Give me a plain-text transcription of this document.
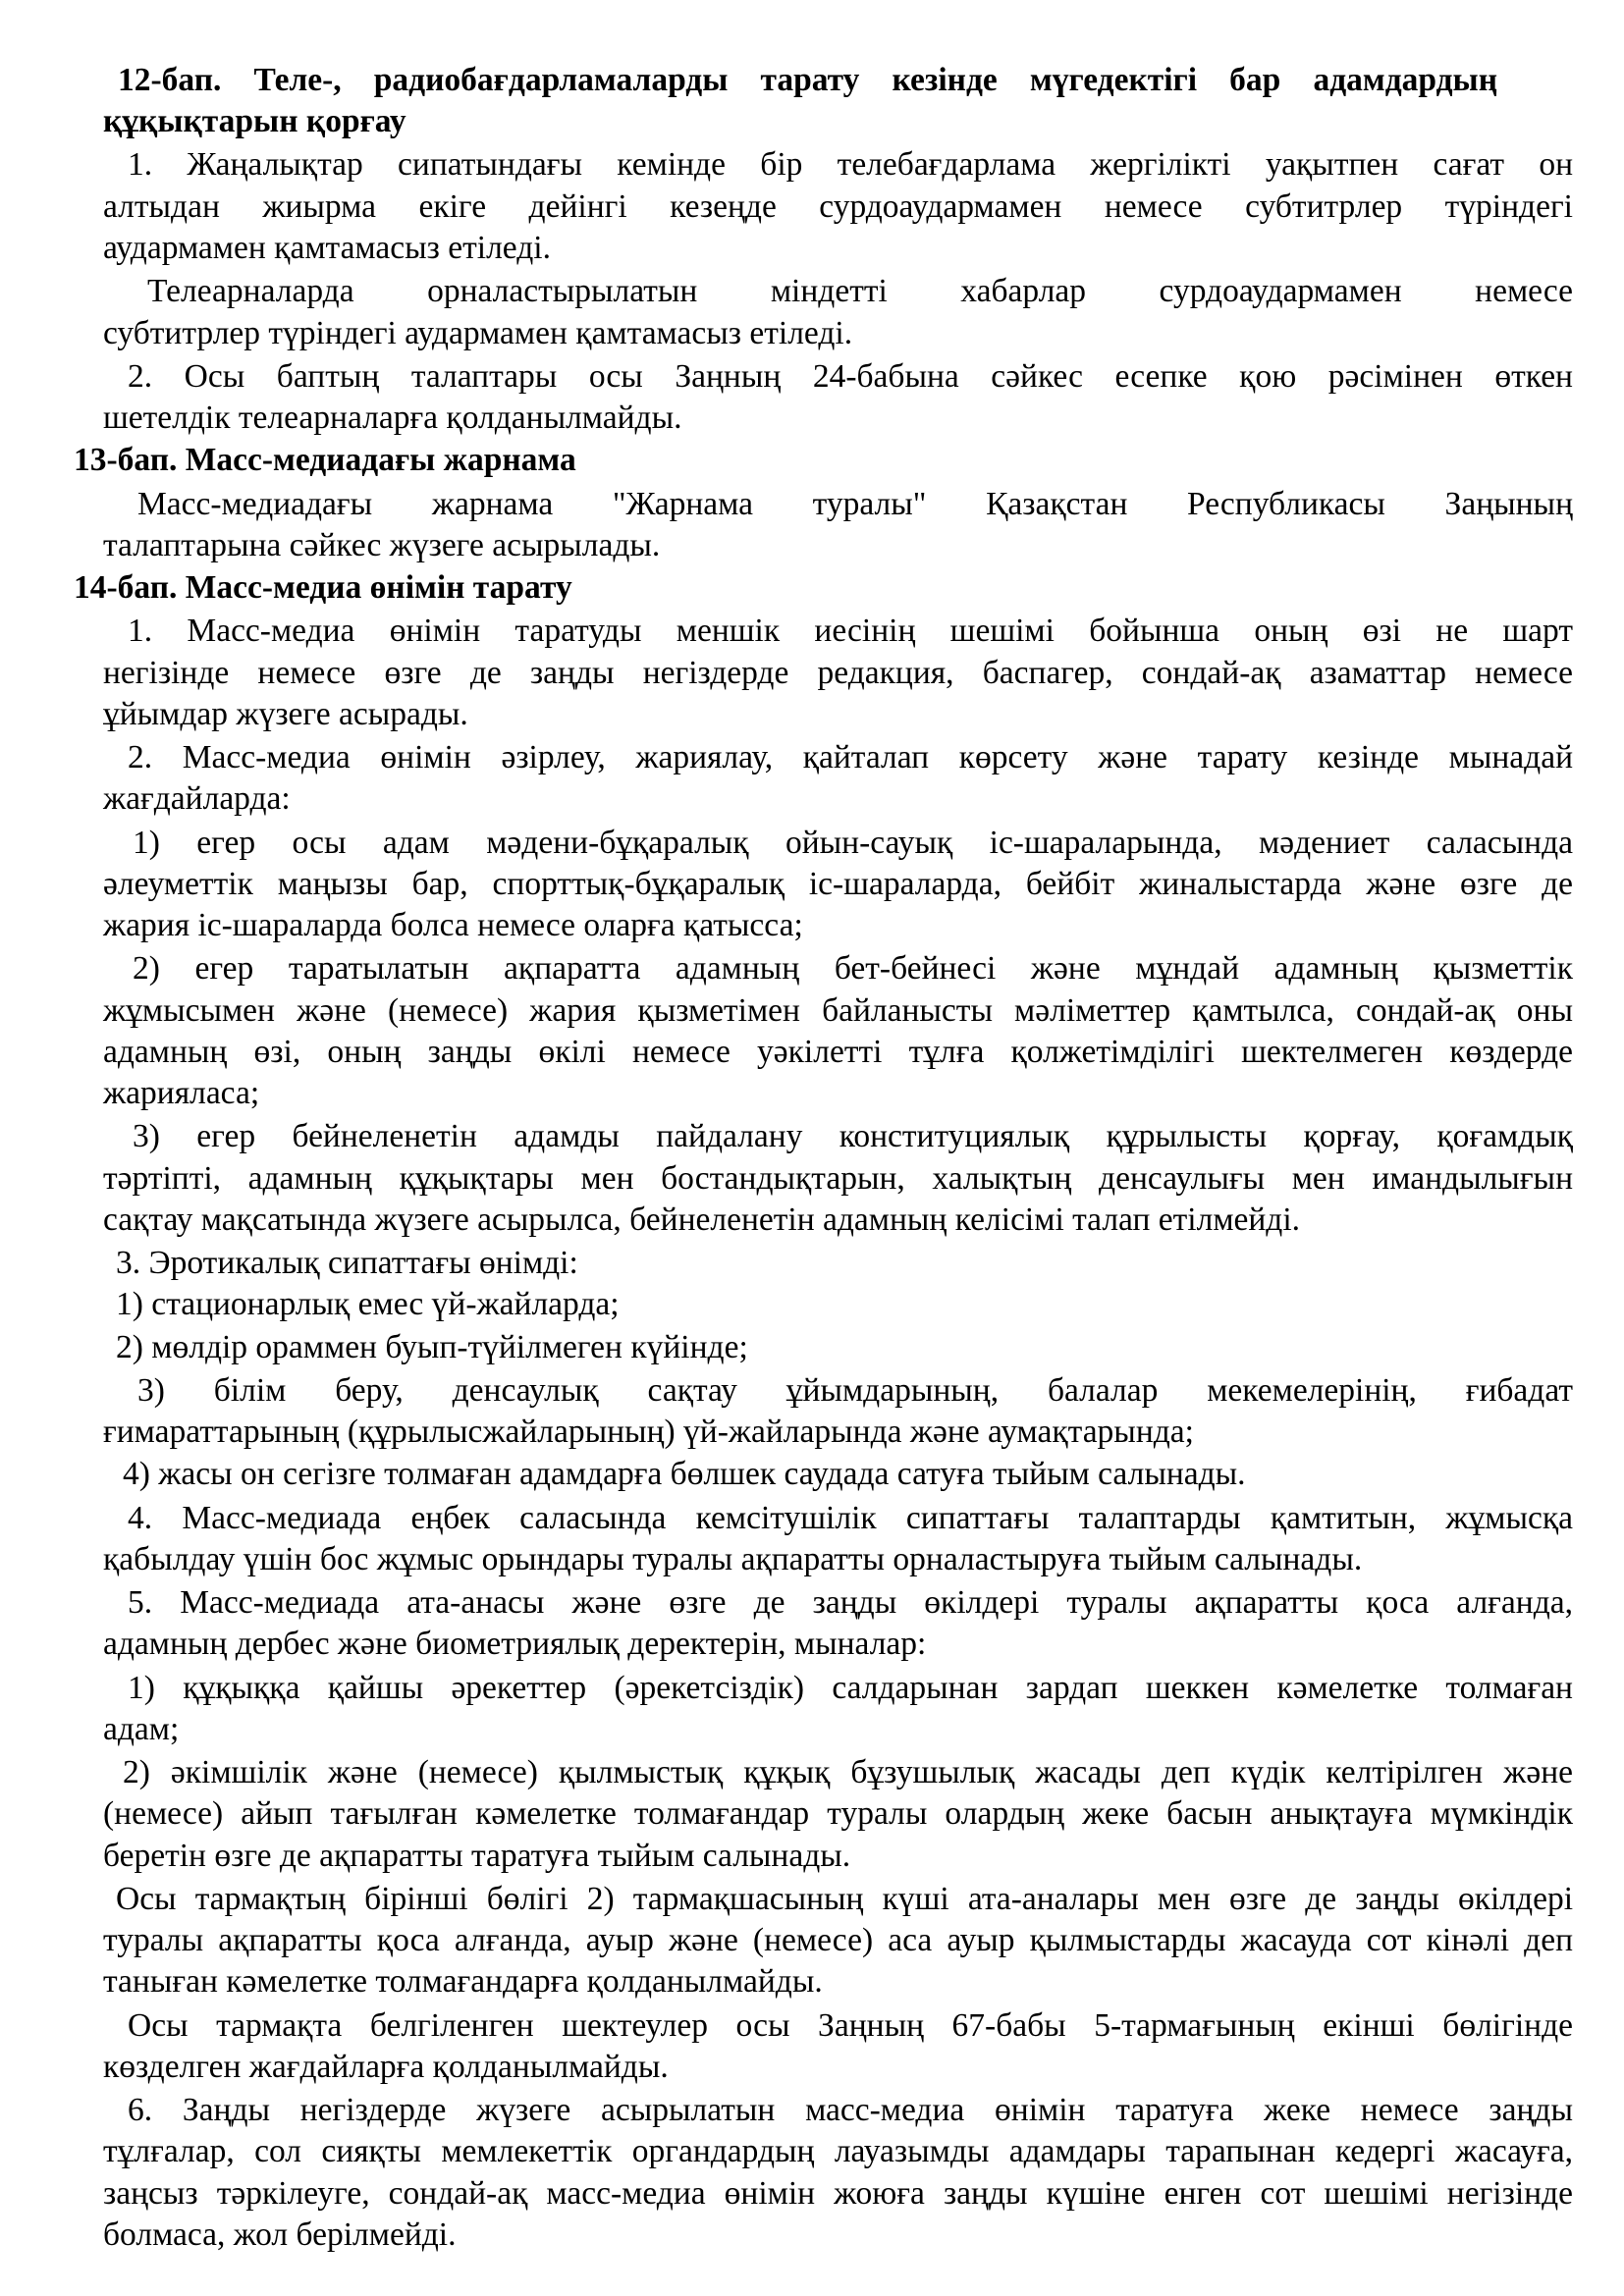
12-бап. Теле-, радиобағдарламаларды тарату кезінде мүгедектігі бар адамдардың
құқықтарын қорғау
1. Жаңалықтар сипатындағы кемінде бір телебағдарлама жергілікті уақытпен сағат он
алтыдан жиырма екіге дейінгі кезеңде сурдоаудармамен немесе субтитрлер түріндегі
аудармамен қамтамасыз етіледі.
Телеарналарда орналастырылатын міндетті хабарлар сурдоаудармамен немесе
субтитрлер түріндегі аудармамен қамтамасыз етіледі.
2. Осы баптың талаптары осы Заңның 24-бабына сәйкес есепке қою рәсімінен өткен
шетелдік телеарналарға қолданылмайды.
13-бап. Масс-медиадағы жарнама
Масс-медиадағы жарнама "Жарнама туралы" Қазақстан Республикасы Заңының
талаптарына сәйкес жүзеге асырылады.
14-бап. Масс-медиа өнімін тарату
1. Масс-медиа өнімін таратуды меншік иесінің шешімі бойынша оның өзі не шарт
негізінде немесе өзге де заңды негіздерде редакция, баспагер, сондай-ақ азаматтар немесе
ұйымдар жүзеге асырады.
2. Масс-медиа өнімін әзірлеу, жариялау, қайталап көрсету және тарату кезінде мынадай
жағдайларда:
1) егер осы адам мәдени-бұқаралық ойын-сауық іс-шараларында, мәдениет саласында
әлеуметтік маңызы бар, спорттық-бұқаралық іс-шараларда, бейбіт жиналыстарда және өзге де
жария іс-шараларда болса немесе оларға қатысса;
2) егер таратылатын ақпаратта адамның бет-бейнесі және мұндай адамның қызметтік
жұмысымен және (немесе) жария қызметімен байланысты мәліметтер қамтылса, сондай-ақ оны
адамның өзі, оның заңды өкілі немесе уәкілетті тұлға қолжетімділігі шектелмеген көздерде
жарияласа;
3) егер бейнеленетін адамды пайдалану конституциялық құрылысты қорғау, қоғамдық
тәртіпті, адамның құқықтары мен бостандықтарын, халықтың денсаулығы мен имандылығын
сақтау мақсатында жүзеге асырылса, бейнеленетін адамның келісімі талап етілмейді.
3. Эротикалық сипаттағы өнімді:
1) стационарлық емес үй-жайларда;
2) мөлдір ораммен буып-түйілмеген күйінде;
3) білім беру, денсаулық сақтау ұйымдарының, балалар мекемелерінің, ғибадат
ғимараттарының (құрылысжайларының) үй-жайларында және аумақтарында;
4) жасы он сегізге толмаған адамдарға бөлшек саудада сатуға тыйым салынады.
4. Масс-медиада еңбек саласында кемсітушілік сипаттағы талаптарды қамтитын, жұмысқа
қабылдау үшін бос жұмыс орындары туралы ақпаратты орналастыруға тыйым салынады.
5. Масс-медиада ата-анасы және өзге де заңды өкілдері туралы ақпаратты қоса алғанда,
адамның дербес және биометриялық деректерін, мыналар:
1) құқыққа қайшы әрекеттер (әрекетсіздік) салдарынан зардап шеккен кәмелетке толмаған
адам;
2) әкімшілік және (немесе) қылмыстық құқық бұзушылық жасады деп күдік келтірілген және
(немесе) айып тағылған кәмелетке толмағандар туралы олардың жеке басын анықтауға мүмкіндік
беретін өзге де ақпаратты таратуға тыйым салынады.
Осы тармақтың бірінші бөлігі 2) тармақшасының күші ата-аналары мен өзге де заңды өкілдері
туралы ақпаратты қоса алғанда, ауыр және (немесе) аса ауыр қылмыстарды жасауда сот кінәлі деп
таныған кәмелетке толмағандарға қолданылмайды.
Осы тармақта белгіленген шектеулер осы Заңның 67-бабы 5-тармағының екінші бөлігінде
көзделген жағдайларға қолданылмайды.
6. Заңды негіздерде жүзеге асырылатын масс-медиа өнімін таратуға жеке немесе заңды
тұлғалар, сол сияқты мемлекеттік органдардың лауазымды адамдары тарапынан кедергі жасауға,
заңсыз тәркілеуге, сондай-ақ масс-медиа өнімін жоюға заңды күшіне енген сот шешімі негізінде
болмаса, жол берілмейді.
